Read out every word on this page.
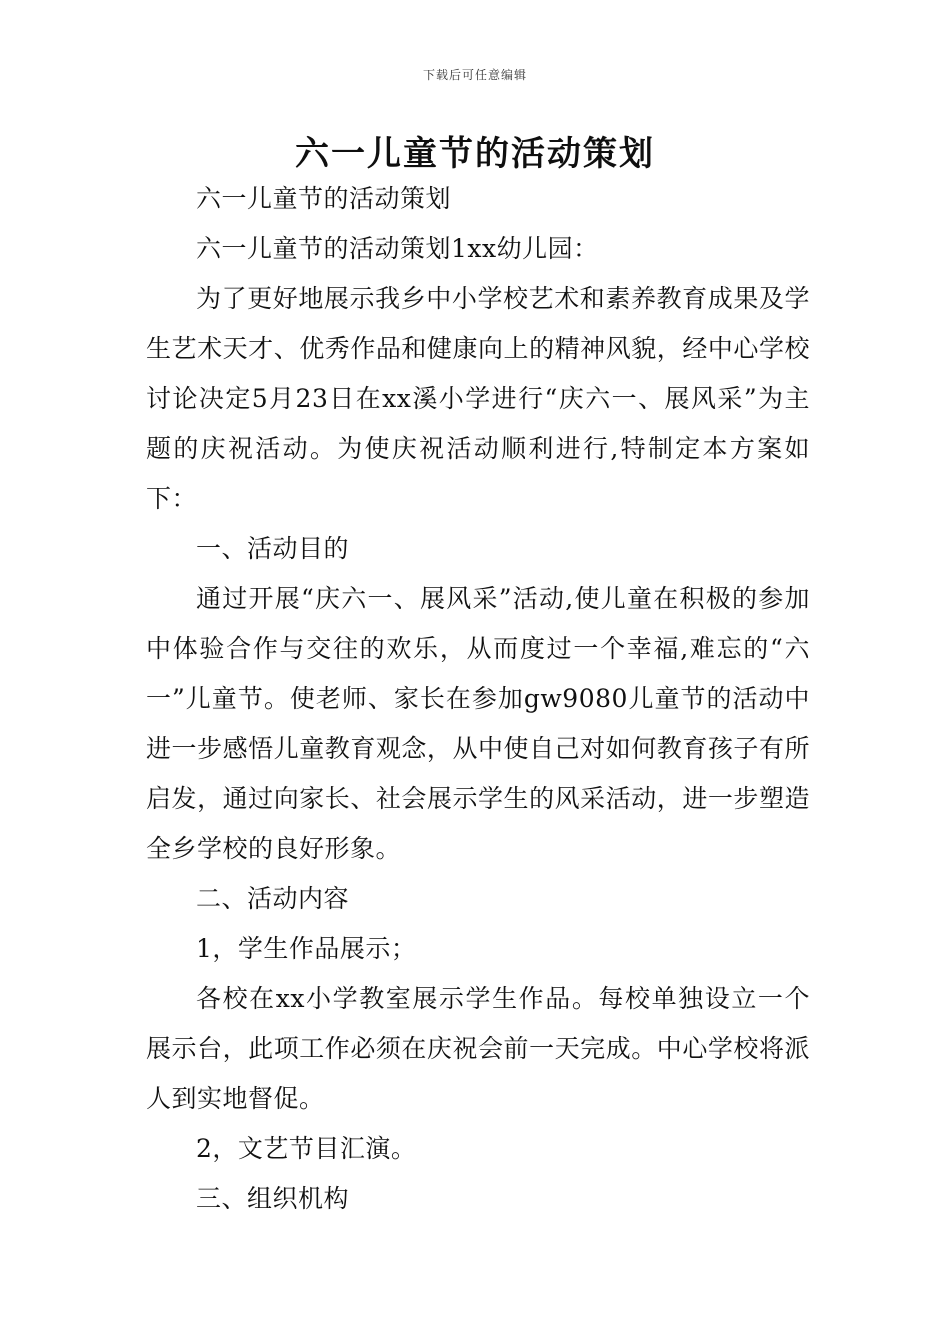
下载后可任意编辑
六一儿童节的活动策划

六一儿童节的活动策划

六一儿童节的活动策划1xx幼儿园：

为了更好地展示我乡中小学校艺术和素养教育成果及学生艺术天才、优秀作品和健康向上的精神风貌，经中心学校讨论决定5月23日在xx溪小学进行“庆六一、展风采”为主题的庆祝活动。为使庆祝活动顺利进行,特制定本方案如下：

一、活动目的

通过开展“庆六一、展风采”活动,使儿童在积极的参加中体验合作与交往的欢乐，从而度过一个幸福,难忘的“六一”儿童节。使老师、家长在参加gw9080儿童节的活动中进一步感悟儿童教育观念，从中使自己对如何教育孩子有所启发，通过向家长、社会展示学生的风采活动，进一步塑造全乡学校的良好形象。

二、活动内容

1，学生作品展示；

各校在xx小学教室展示学生作品。每校单独设立一个展示台，此项工作必须在庆祝会前一天完成。中心学校将派人到实地督促。

2，文艺节目汇演。

三、组织机构
